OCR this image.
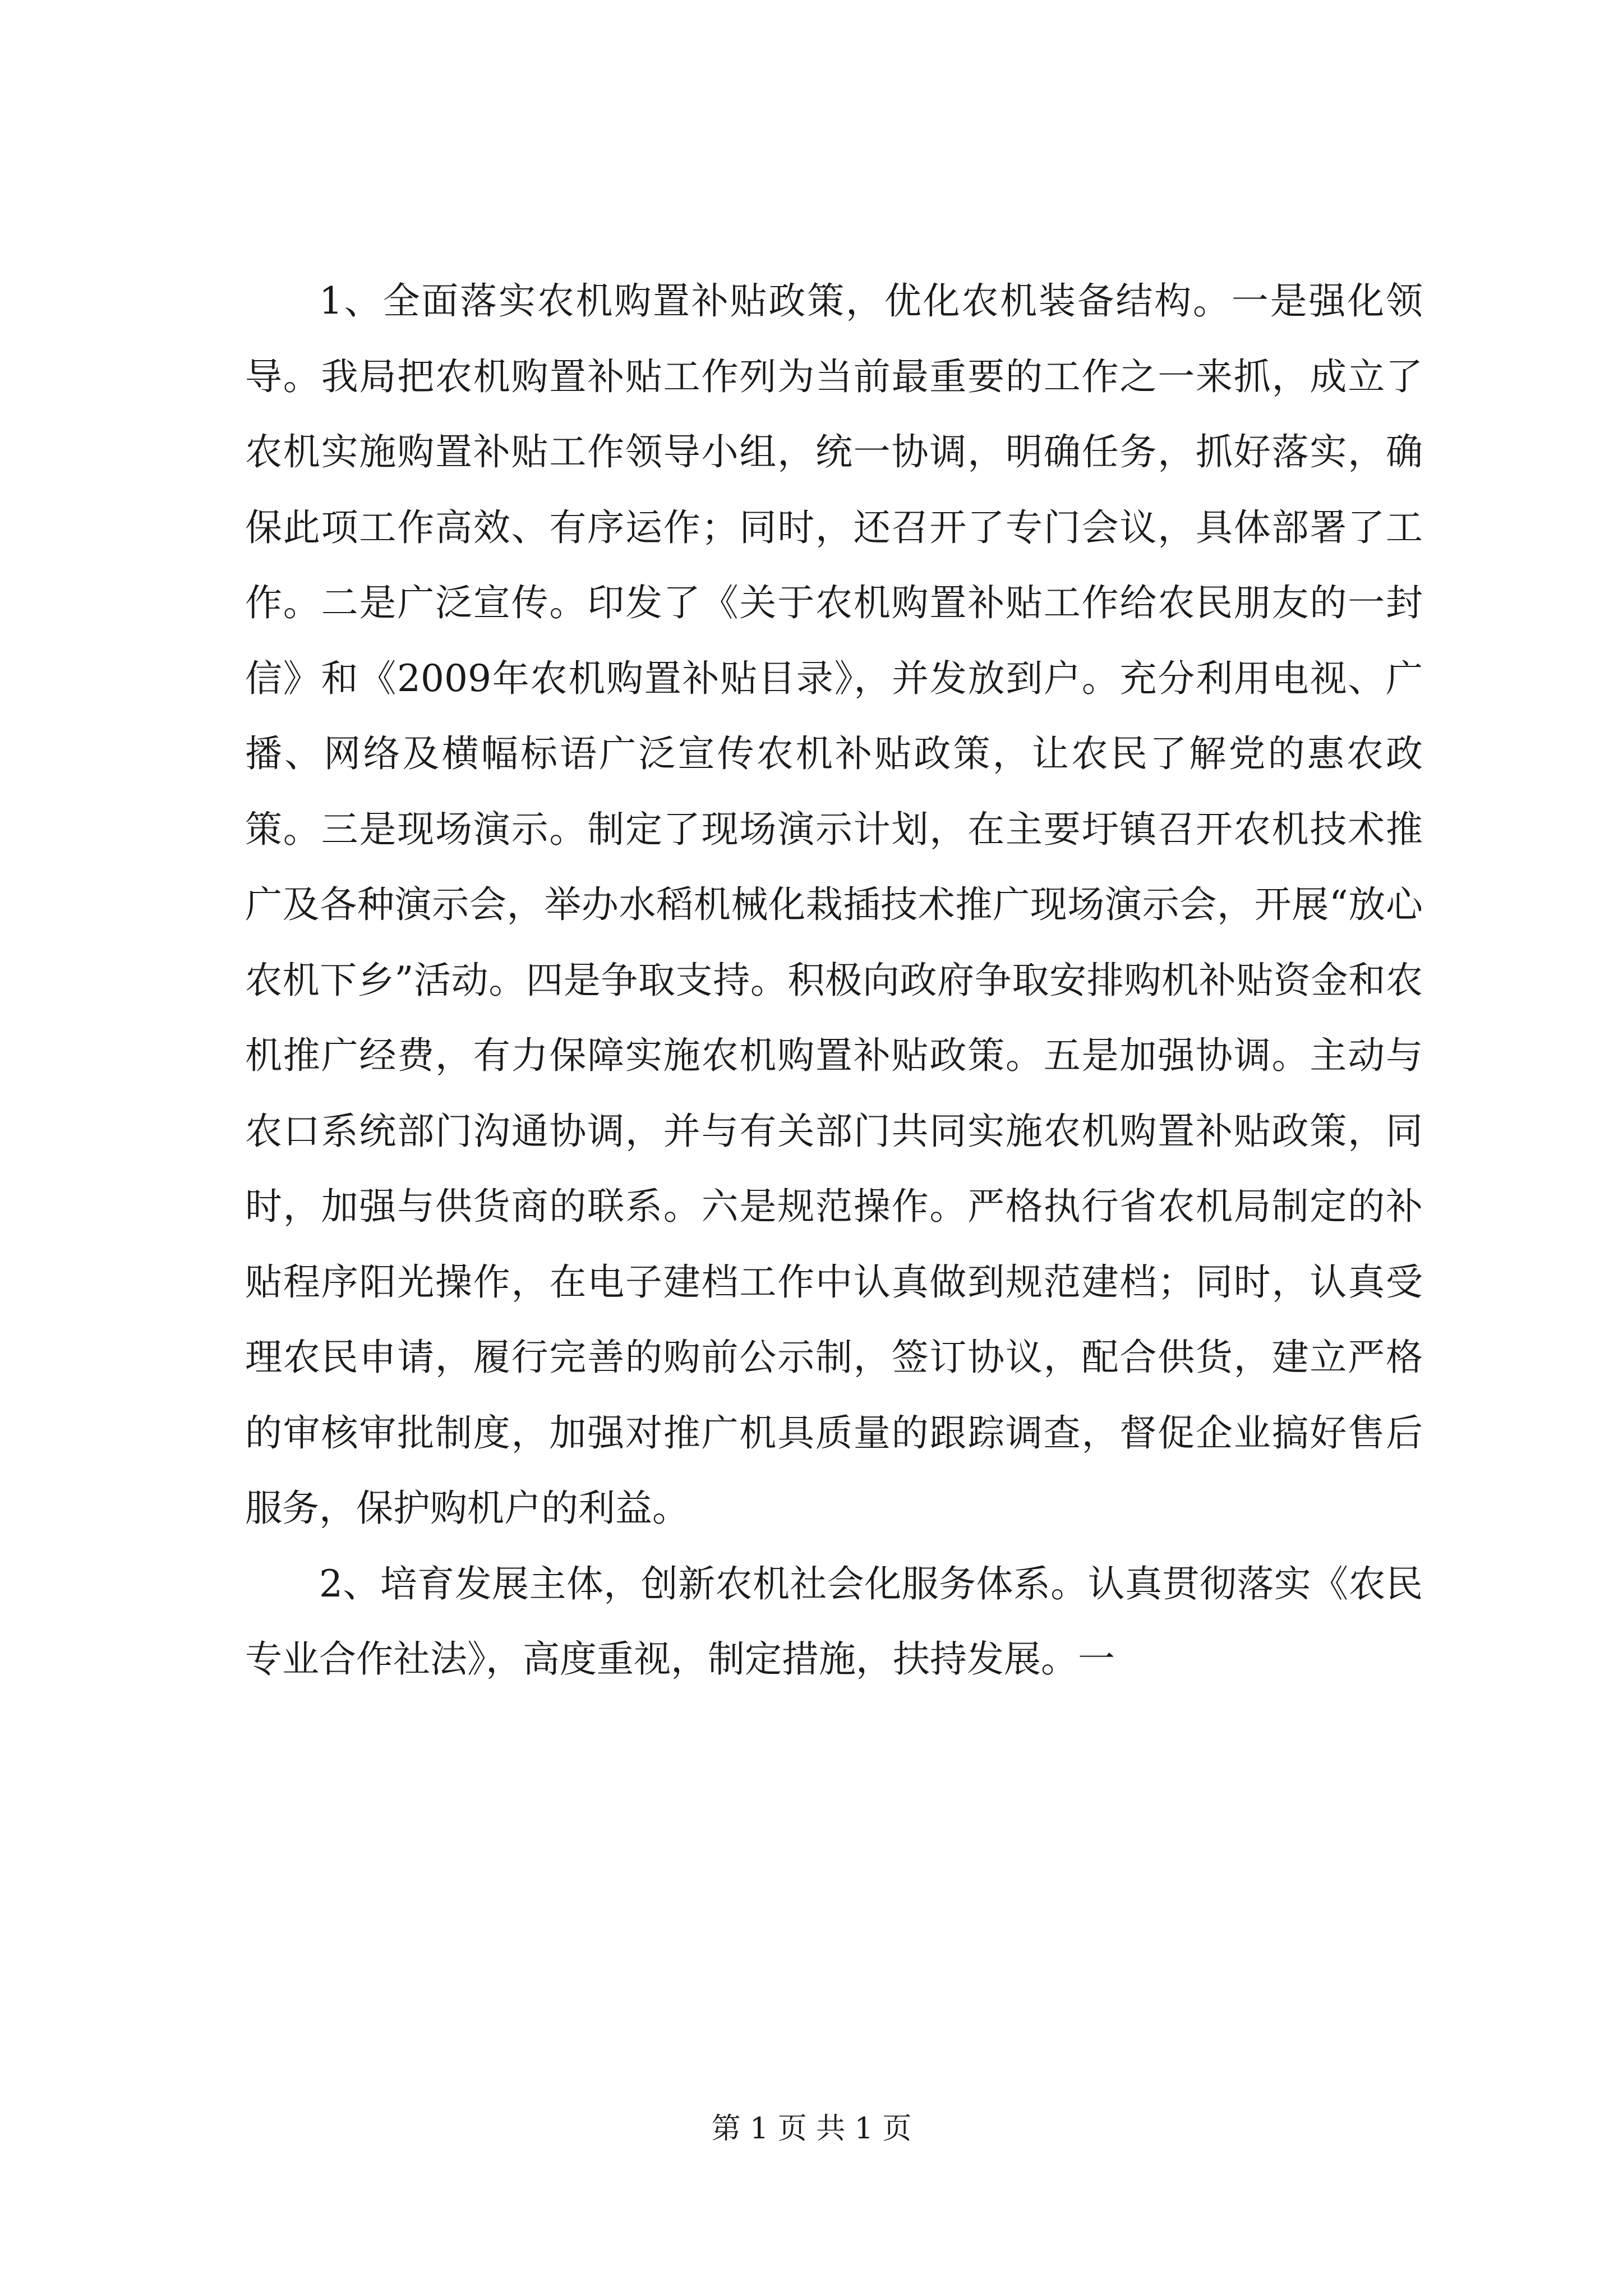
1、全面落实农机购置补贴政策，优化农机装备结构。一是强化领导。我局把农机购置补贴工作列为当前最重要的工作之一来抓，成立了农机实施购置补贴工作领导小组，统一协调，明确任务，抓好落实，确保此项工作高效、有序运作；同时，还召开了专门会议，具体部署了工作。二是广泛宣传。印发了《关于农机购置补贴工作给农民朋友的一封信》和《2009年农机购置补贴目录》，并发放到户。充分利用电视、广播、网络及横幅标语广泛宣传农机补贴政策，让农民了解党的惠农政策。三是现场演示。制定了现场演示计划，在主要圩镇召开农机技术推广及各种演示会，举办水稻机械化栽插技术推广现场演示会，开展“放心农机下乡”活动。四是争取支持。积极向政府争取安排购机补贴资金和农机推广经费，有力保障实施农机购置补贴政策。五是加强协调。主动与农口系统部门沟通协调，并与有关部门共同实施农机购置补贴政策，同时，加强与供货商的联系。六是规范操作。严格执行省农机局制定的补贴程序阳光操作，在电子建档工作中认真做到规范建档；同时，认真受理农民申请，履行完善的购前公示制，签订协议，配合供货，建立严格的审核审批制度，加强对推广机具质量的跟踪调查，督促企业搞好售后服务，保护购机户的利益。

2、培育发展主体，创新农机社会化服务体系。认真贯彻落实《农民专业合作社法》，高度重视，制定措施，扶持发展。一

第 1 页 共 1 页
